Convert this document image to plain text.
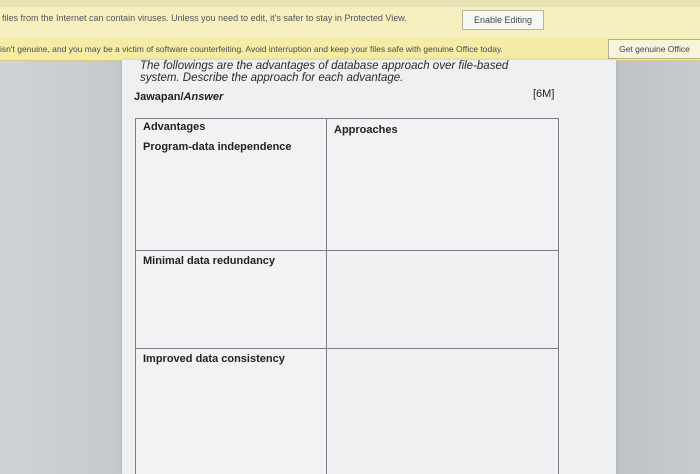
files from the Internet can contain viruses. Unless you need to edit, it's safer to stay in Protected View.	Enable Editing
isn't genuine, and you may be a victim of software counterfeiting. Avoid interruption and keep your files safe with genuine Office today.	Get genuine Office
The followings are the advantages of database approach over file-based
system. Describe the approach for each advantage.
Jawapan/Answer	[6M]
Advantages	Approaches
Program-data independence	
Minimal data redundancy	
Improved data consistency	
